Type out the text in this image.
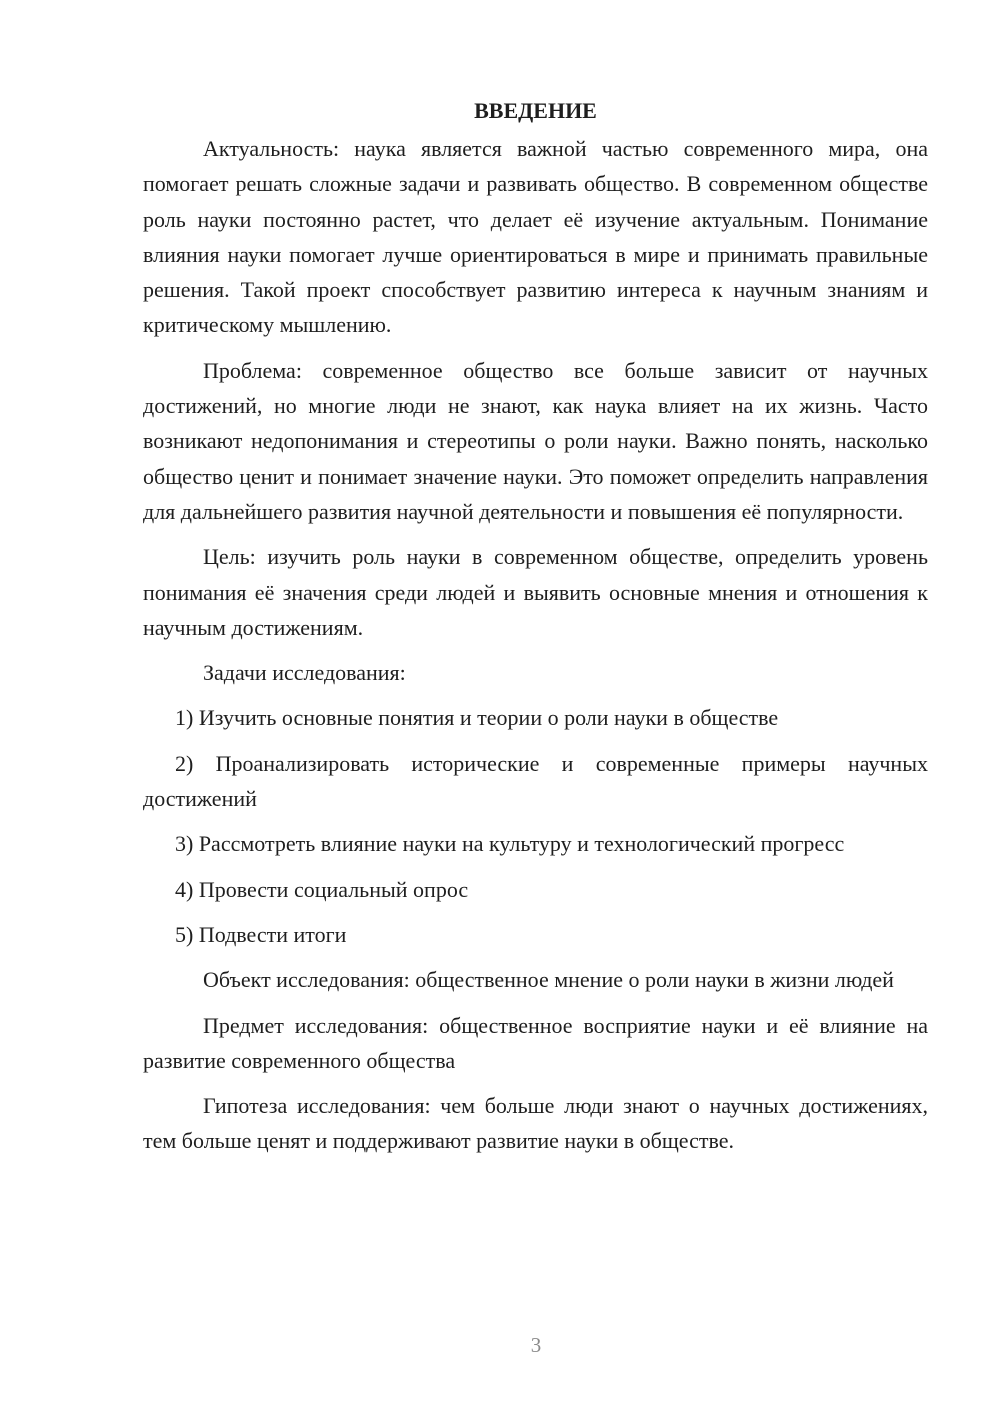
ВВЕДЕНИЕ

Актуальность: наука является важной частью современного мира, она помогает решать сложные задачи и развивать общество. В современном обществе роль науки постоянно растет, что делает её изучение актуальным. Понимание влияния науки помогает лучше ориентироваться в мире и принимать правильные решения. Такой проект способствует развитию интереса к научным знаниям и критическому мышлению.

Проблема: современное общество все больше зависит от научных достижений, но многие люди не знают, как наука влияет на их жизнь. Часто возникают недопонимания и стереотипы о роли науки. Важно понять, насколько общество ценит и понимает значение науки. Это поможет определить направления для дальнейшего развития научной деятельности и повышения её популярности.

Цель: изучить роль науки в современном обществе, определить уровень понимания её значения среди людей и выявить основные мнения и отношения к научным достижениям.

Задачи исследования:

1) Изучить основные понятия и теории о роли науки в обществе

2) Проанализировать исторические и современные примеры научных достижений

3) Рассмотреть влияние науки на культуру и технологический прогресс

4) Провести социальный опрос

5) Подвести итоги

Объект исследования: общественное мнение о роли науки в жизни людей

Предмет исследования: общественное восприятие науки и её влияние на развитие современного общества

Гипотеза исследования: чем больше люди знают о научных достижениях, тем больше ценят и поддерживают развитие науки в обществе.

3
